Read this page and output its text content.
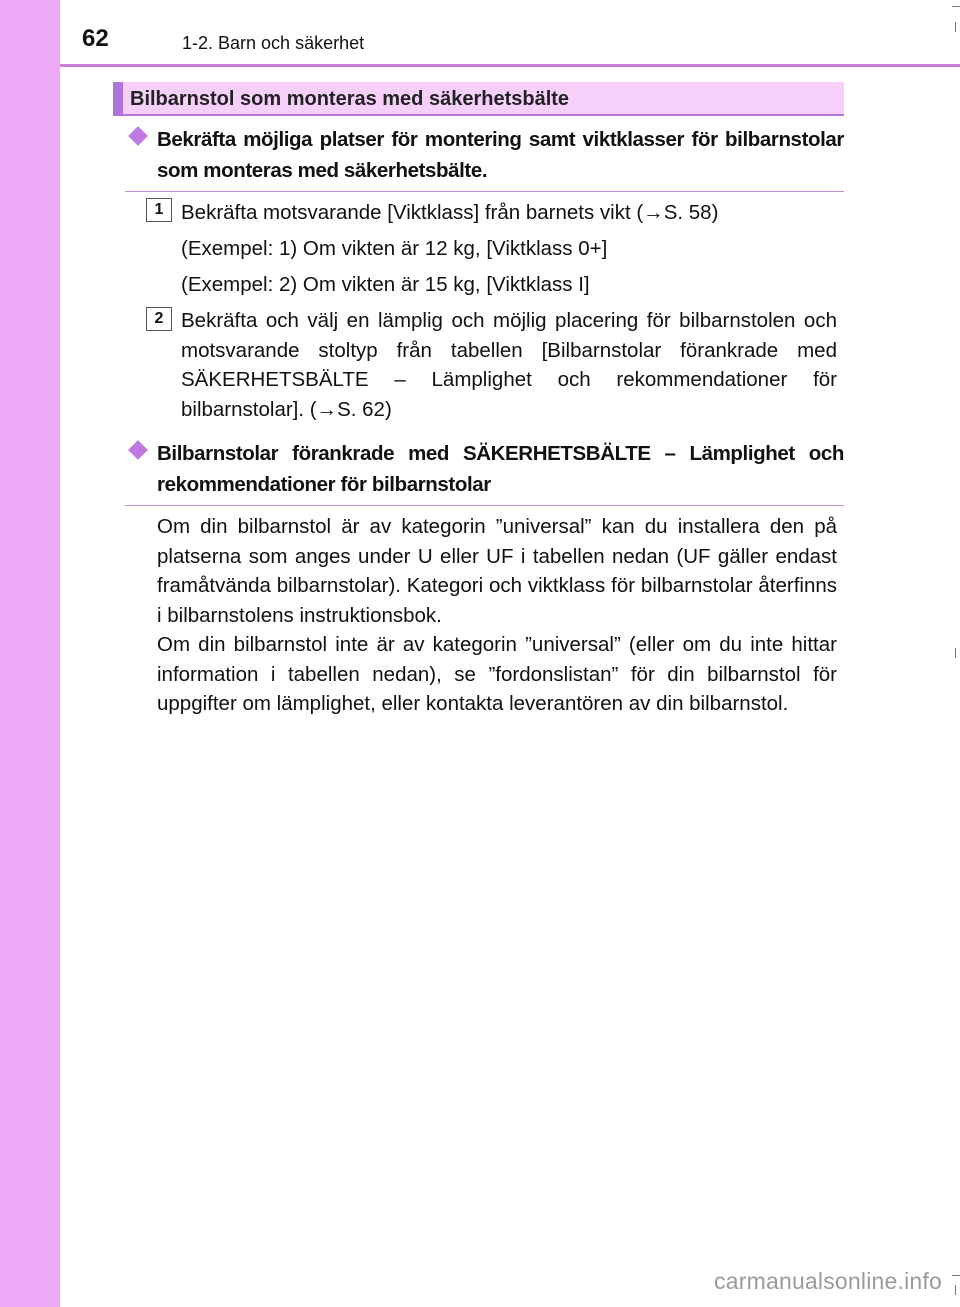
62	1-2. Barn och säkerhet
Bilbarnstol som monteras med säkerhetsbälte
Bekräfta möjliga platser för montering samt viktklasser för bilbarnstolar som monteras med säkerhetsbälte.
1 Bekräfta motsvarande [Viktklass] från barnets vikt (→S. 58)
(Exempel: 1) Om vikten är 12 kg, [Viktklass 0+]
(Exempel: 2) Om vikten är 15 kg, [Viktklass I]
2 Bekräfta och välj en lämplig och möjlig placering för bilbarnstolen och motsvarande stoltyp från tabellen [Bilbarnstolar förankrade med SÄKERHETSBÄLTE – Lämplighet och rekommendationer för bilbarnstolar]. (→S. 62)
Bilbarnstolar förankrade med SÄKERHETSBÄLTE – Lämplighet och rekommendationer för bilbarnstolar

Om din bilbarnstol är av kategorin ”universal” kan du installera den på platserna som anges under U eller UF i tabellen nedan (UF gäller endast framåtvända bilbarnstolar). Kategori och viktklass för bilbarnstolar återfinns i bilbarnstolens instruktionsbok.

Om din bilbarnstol inte är av kategorin ”universal” (eller om du inte hittar information i tabellen nedan), se ”fordonslistan” för din bilbarnstol för uppgifter om lämplighet, eller kontakta leverantören av din bilbarnstol.

carmanualsonline.info
